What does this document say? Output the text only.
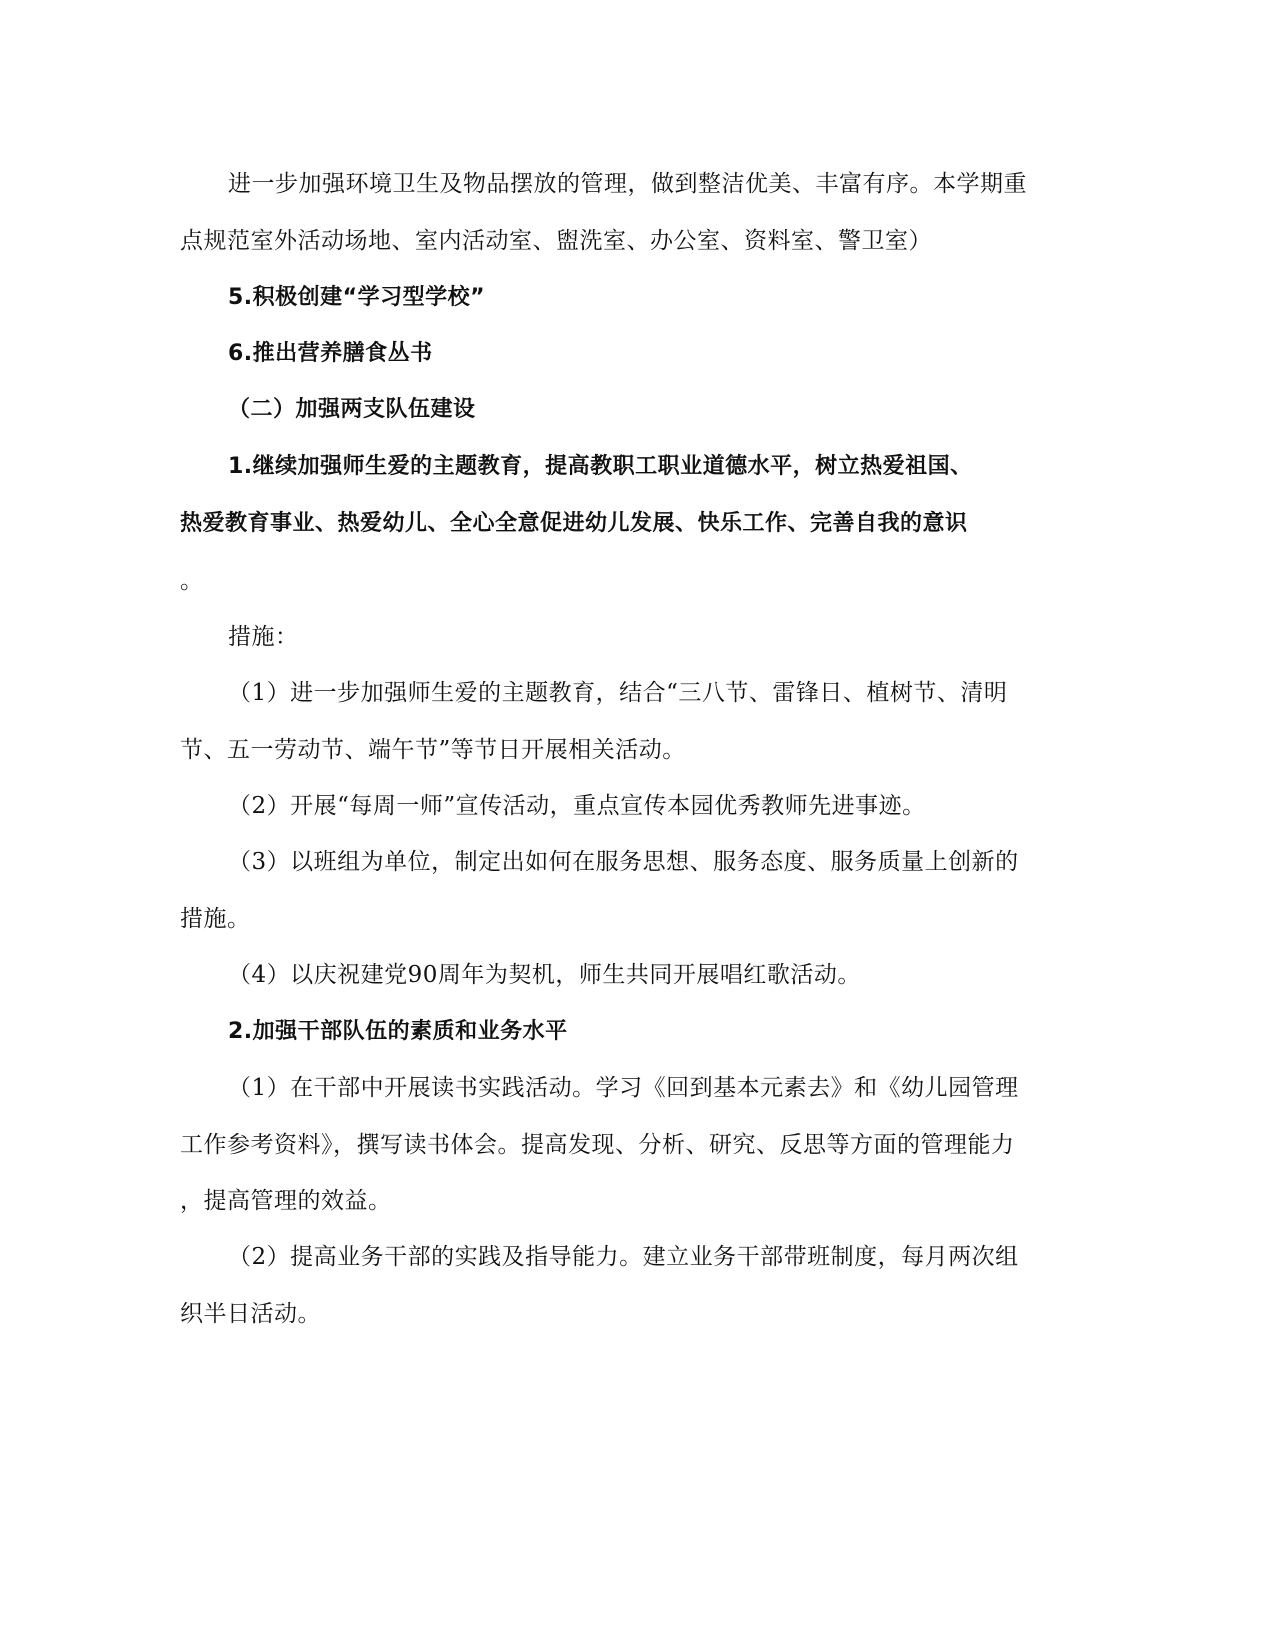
进一步加强环境卫生及物品摆放的管理，做到整洁优美、丰富有序。本学期重
点规范室外活动场地、室内活动室、盥洗室、办公室、资料室、警卫室）
5.积极创建“学习型学校”
6.推出营养膳食丛书
（二）加强两支队伍建设
1.继续加强师生爱的主题教育，提高教职工职业道德水平，树立热爱祖国、
热爱教育事业、热爱幼儿、全心全意促进幼儿发展、快乐工作、完善自我的意识
。
措施：
（1）进一步加强师生爱的主题教育，结合“三八节、雷锋日、植树节、清明
节、五一劳动节、端午节”等节日开展相关活动。
（2）开展“每周一师”宣传活动，重点宣传本园优秀教师先进事迹。
（3）以班组为单位，制定出如何在服务思想、服务态度、服务质量上创新的
措施。
（4）以庆祝建党90周年为契机，师生共同开展唱红歌活动。
2.加强干部队伍的素质和业务水平
（1）在干部中开展读书实践活动。学习《回到基本元素去》和《幼儿园管理
工作参考资料》，撰写读书体会。提高发现、分析、研究、反思等方面的管理能力
，提高管理的效益。
（2）提高业务干部的实践及指导能力。建立业务干部带班制度，每月两次组
织半日活动。
